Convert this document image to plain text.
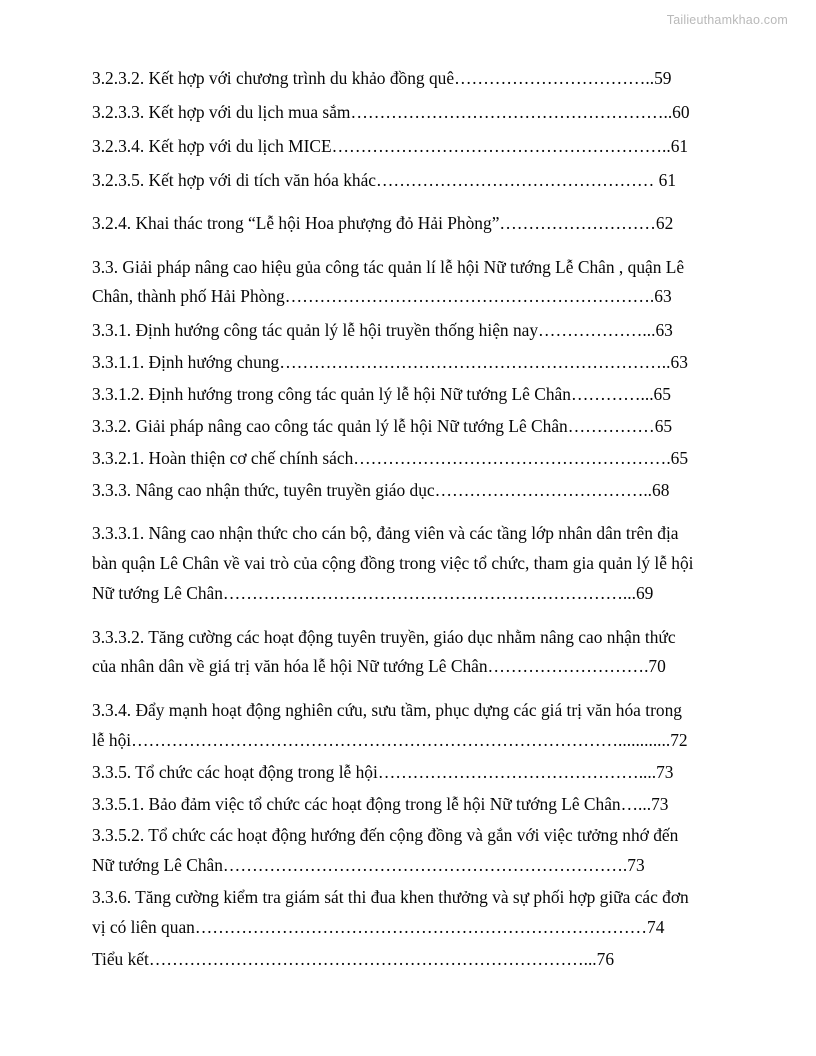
Tailieuthamkhao.com
3.2.3.2. Kết hợp với chương trình du khảo đồng quê……………………………..59
3.2.3.3. Kết hợp với du lịch mua sắm………………………………………………..60
3.2.3.4. Kết hợp với du lịch MICE…………………………………………………..61
3.2.3.5. Kết hợp với di tích văn hóa khác………………………………………… 61
3.2.4. Khai thác trong “Lễ hội Hoa phượng đỏ Hải Phòng”………………………62
3.3. Giải pháp nâng cao hiệu gủa công tác quản lí lễ hội Nữ tướng Lễ Chân , quận Lê
Chân, thành phố Hải Phòng……………………………………………………….63
3.3.1. Định hướng công tác quản lý lễ hội truyền thống hiện nay………………...63
3.3.1.1. Định hướng chung…………………………………………………………..63
3.3.1.2. Định hướng trong công tác quản lý lễ hội Nữ tướng Lê Chân…………...65
3.3.2. Giải pháp nâng cao công tác quản lý lễ hội Nữ tướng Lê Chân……………65
3.3.2.1. Hoàn thiện cơ chế chính sách……………………………………………….65
3.3.3. Nâng cao nhận thức, tuyên truyền giáo dục………………………………..68
3.3.3.1. Nâng cao nhận thức cho cán bộ, đảng viên và các tầng lớp nhân dân trên địa
bàn quận Lê Chân về vai trò của cộng đồng trong việc tổ chức, tham gia quản lý lễ hội
Nữ tướng Lê Chân……………………………………………………………...69
3.3.3.2. Tăng cường các hoạt động tuyên truyền, giáo dục nhằm nâng cao nhận thức
của nhân dân về giá trị văn hóa lễ hội Nữ tướng Lê Chân……………………….70
3.3.4. Đẩy mạnh hoạt động nghiên cứu, sưu tầm, phục dựng các giá trị văn hóa trong
lễ hội…………………………………………………………………………............72
3.3.5. Tổ chức các hoạt động trong lễ hội………………………………………....73
3.3.5.1. Bảo đảm việc tổ chức các hoạt động trong lễ hội Nữ tướng Lê Chân…...73
3.3.5.2. Tổ chức các hoạt động hướng đến cộng đồng và gắn với việc tưởng nhớ đến
Nữ tướng Lê Chân…………………………………………………………….73
3.3.6. Tăng cường kiểm tra giám sát thi đua khen thưởng và sự phối hợp giữa các đơn
vị có liên quan……………………………………………………………………74
Tiểu kết…………………………………………………………………...76
